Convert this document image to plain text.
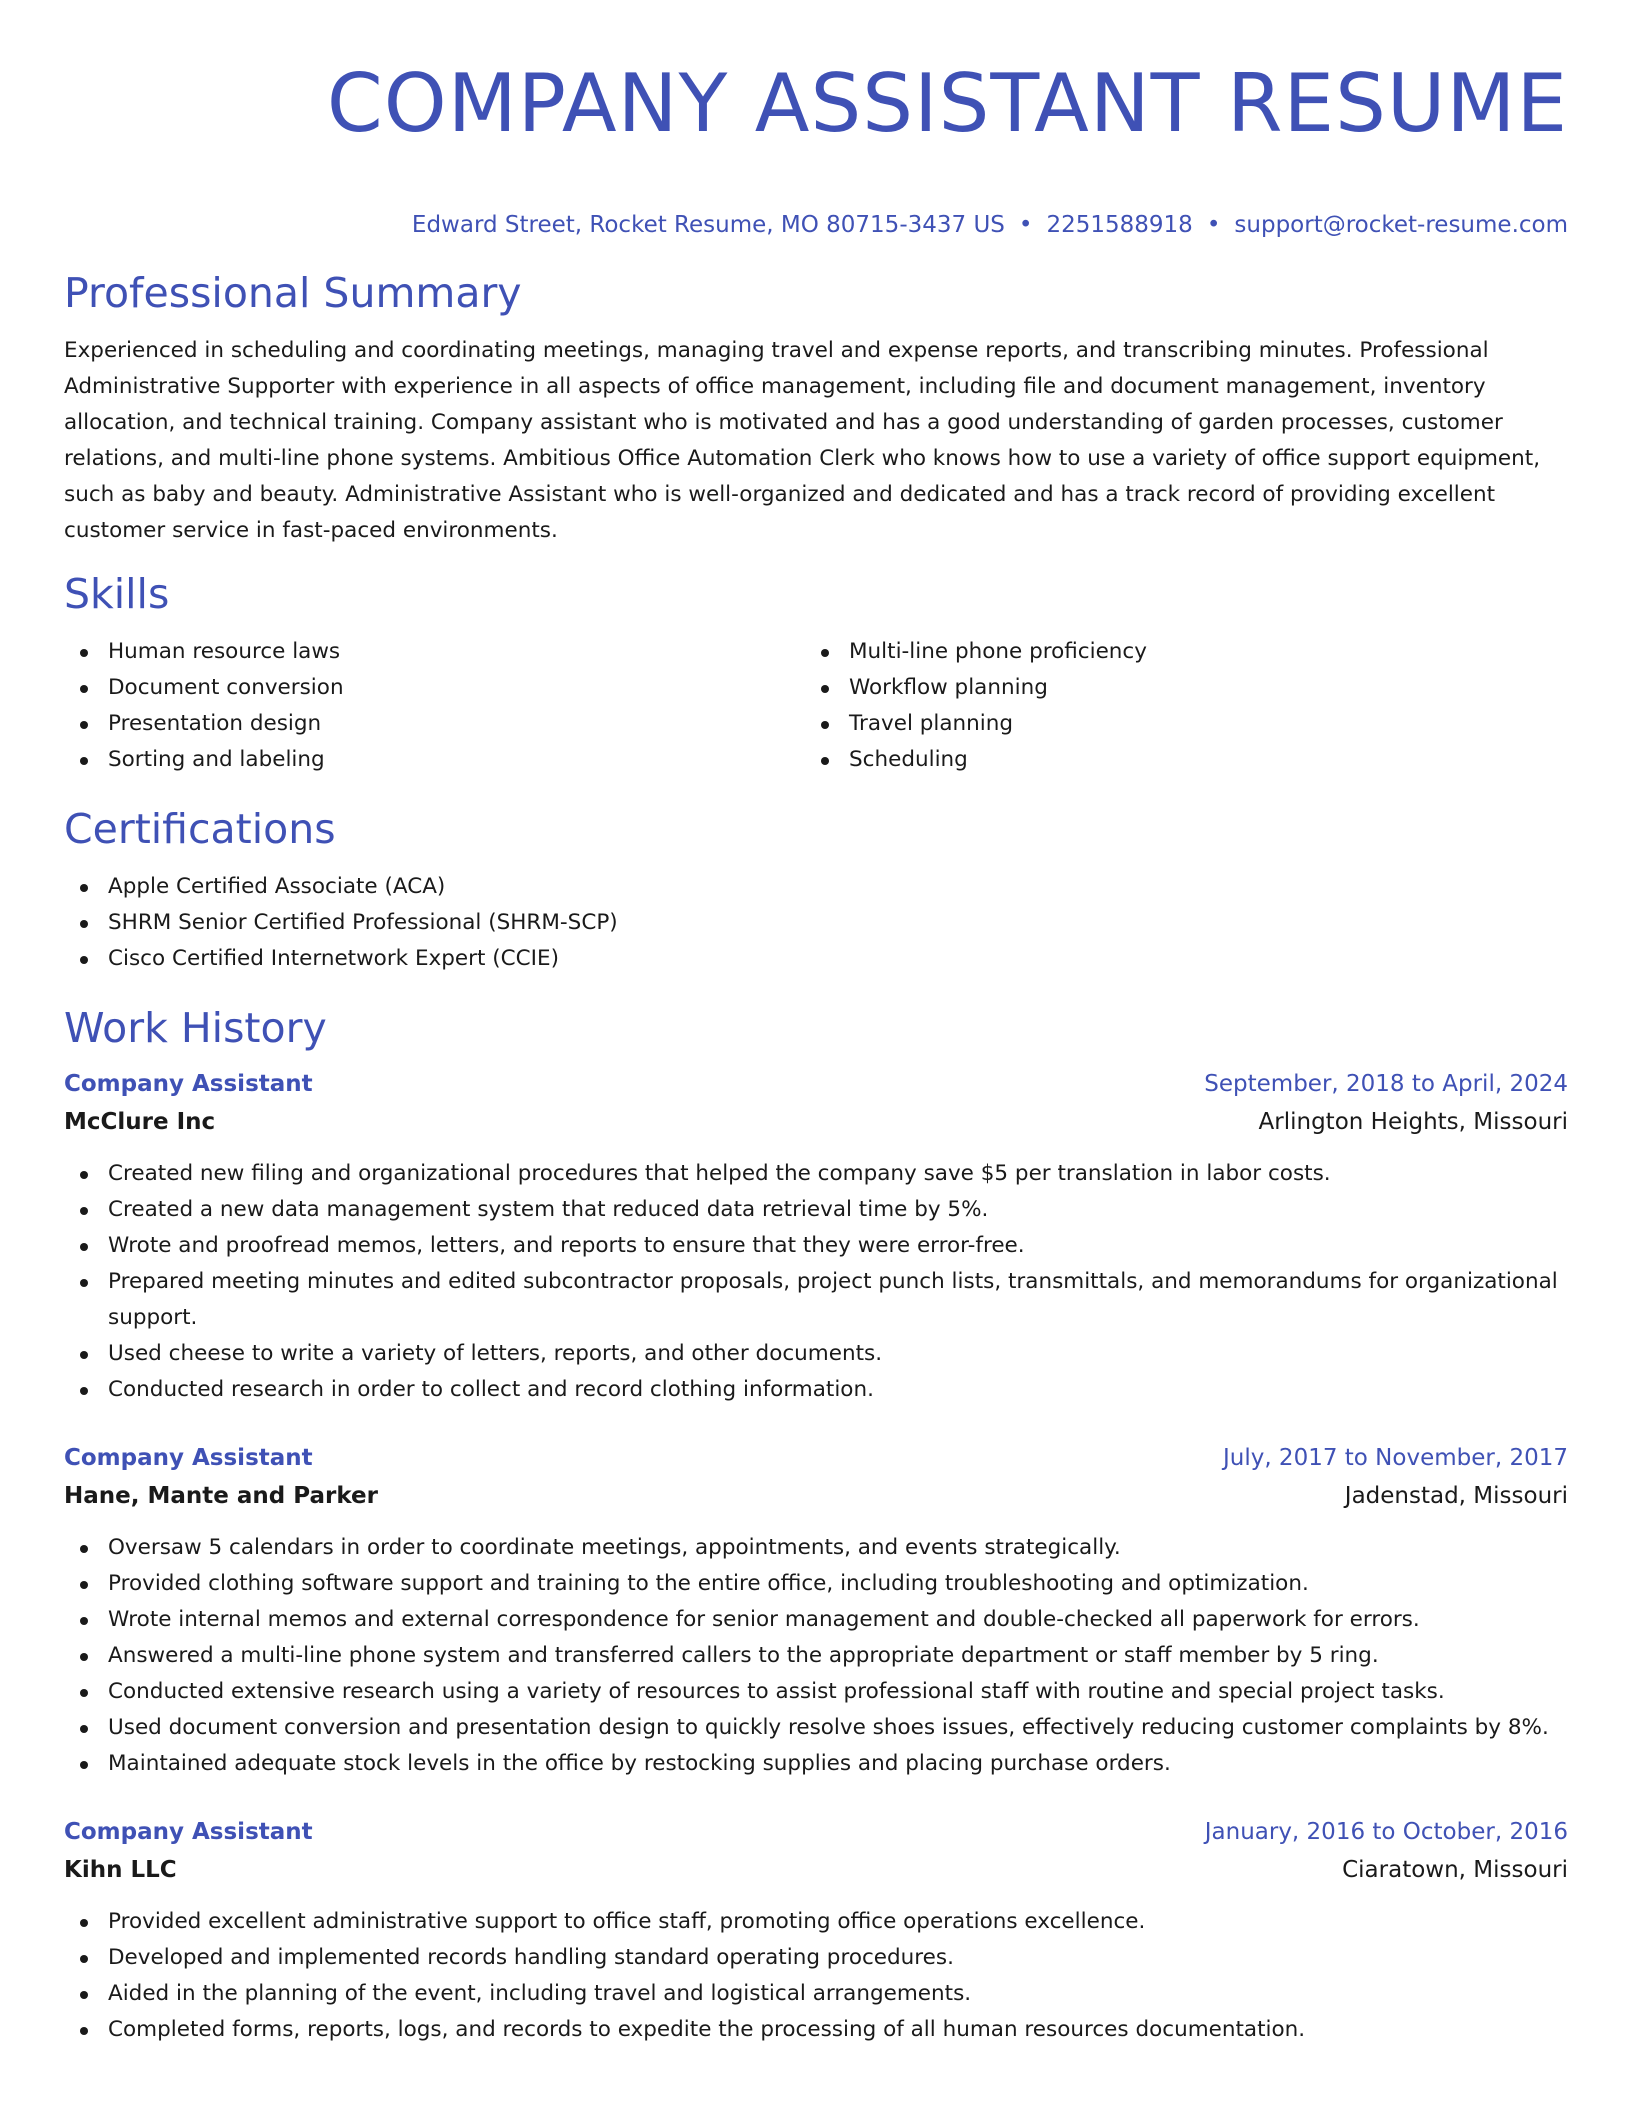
COMPANY ASSISTANT RESUME
Edward Street, Rocket Resume, MO 80715-3437 US • 2251588918 • support@rocket-resume.com
Professional Summary

Experienced in scheduling and coordinating meetings, managing travel and expense reports, and transcribing minutes. Professional Administrative Supporter with experience in all aspects of office management, including file and document management, inventory allocation, and technical training. Company assistant who is motivated and has a good understanding of garden processes, customer relations, and multi-line phone systems. Ambitious Office Automation Clerk who knows how to use a variety of office support equipment, such as baby and beauty. Administrative Assistant who is well-organized and dedicated and has a track record of providing excellent customer service in fast-paced environments.

Skills
Human resource laws
Document conversion
Presentation design
Sorting and labeling
Multi-line phone proficiency
Workflow planning
Travel planning
Scheduling
Certifications
Apple Certified Associate (ACA)
SHRM Senior Certified Professional (SHRM-SCP)
Cisco Certified Internetwork Expert (CCIE)
Work History
Company Assistant	September, 2018 to April, 2024
McClure Inc	Arlington Heights, Missouri
Created new filing and organizational procedures that helped the company save $5 per translation in labor costs.
Created a new data management system that reduced data retrieval time by 5%.
Wrote and proofread memos, letters, and reports to ensure that they were error-free.
Prepared meeting minutes and edited subcontractor proposals, project punch lists, transmittals, and memorandums for organizational support.
Used cheese to write a variety of letters, reports, and other documents.
Conducted research in order to collect and record clothing information.
Company Assistant	July, 2017 to November, 2017
Hane, Mante and Parker	Jadenstad, Missouri
Oversaw 5 calendars in order to coordinate meetings, appointments, and events strategically.
Provided clothing software support and training to the entire office, including troubleshooting and optimization.
Wrote internal memos and external correspondence for senior management and double-checked all paperwork for errors.
Answered a multi-line phone system and transferred callers to the appropriate department or staff member by 5 ring.
Conducted extensive research using a variety of resources to assist professional staff with routine and special project tasks.
Used document conversion and presentation design to quickly resolve shoes issues, effectively reducing customer complaints by 8%.
Maintained adequate stock levels in the office by restocking supplies and placing purchase orders.
Company Assistant	January, 2016 to October, 2016
Kihn LLC	Ciaratown, Missouri
Provided excellent administrative support to office staff, promoting office operations excellence.
Developed and implemented records handling standard operating procedures.
Aided in the planning of the event, including travel and logistical arrangements.
Completed forms, reports, logs, and records to expedite the processing of all human resources documentation.
